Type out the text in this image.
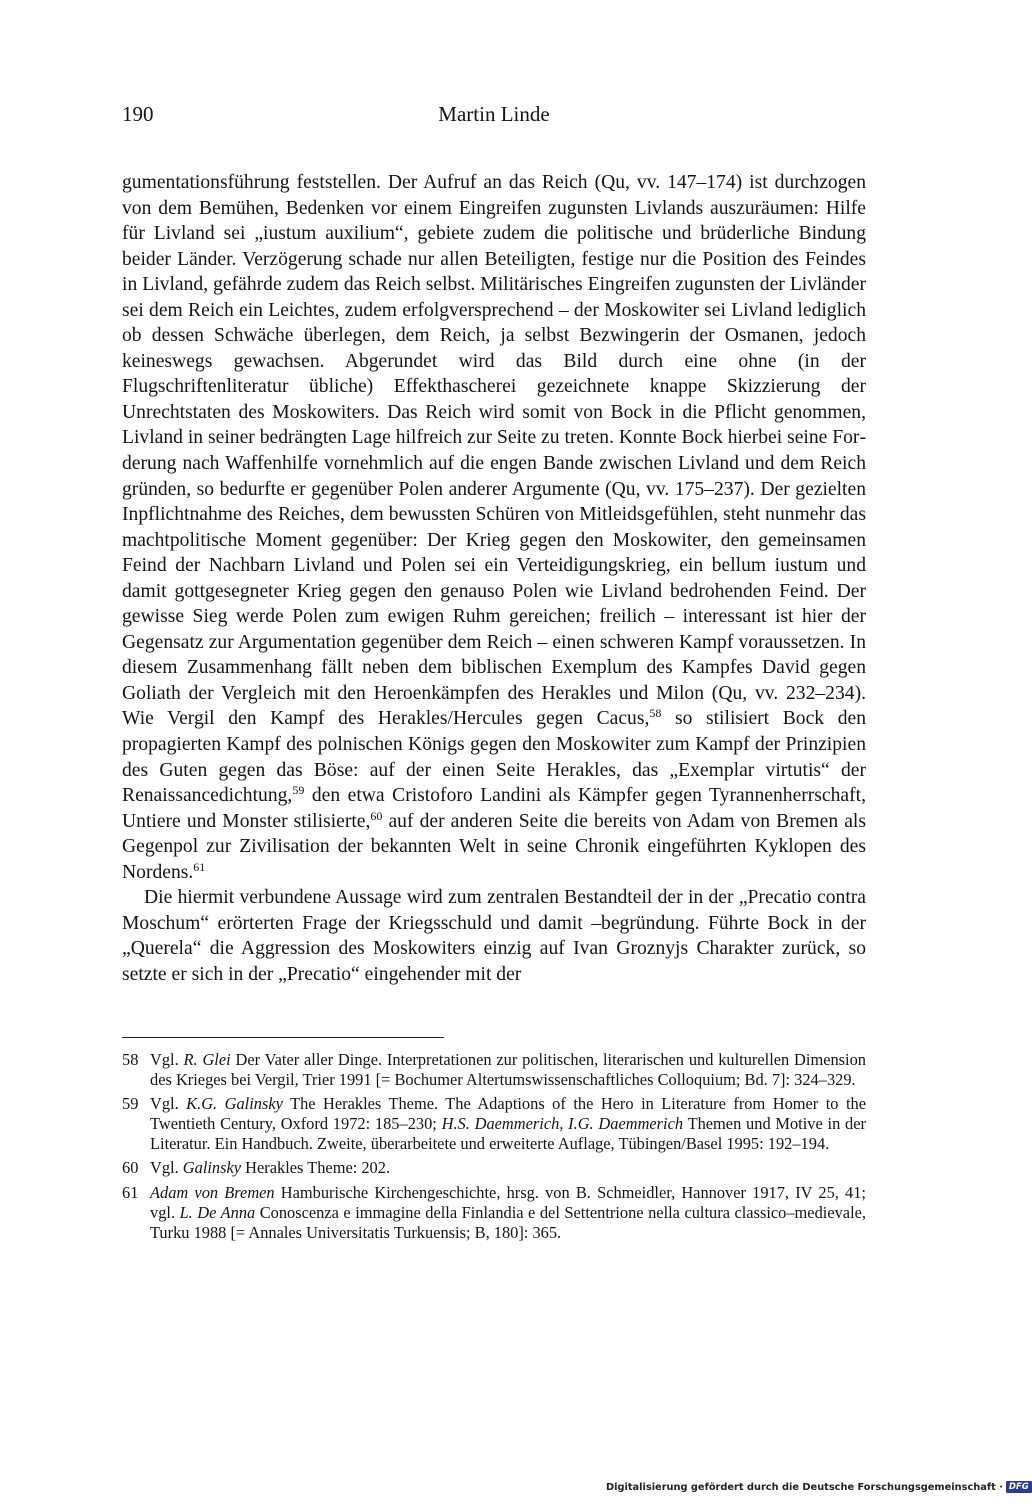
190	Martin Linde

gumentationsführung feststellen. Der Aufruf an das Reich (Qu, vv. 147–174) ist durchzogen von dem Bemühen, Bedenken vor einem Eingreifen zugunsten Livlands auszuräumen: Hilfe für Livland sei „iustum auxilium“, gebiete zudem die politische und brüderliche Bindung beider Länder. Verzögerung schade nur allen Beteiligten, festige nur die Position des Feindes in Livland, gefährde zudem das Reich selbst. Militärisches Eingreifen zugunsten der Livländer sei dem Reich ein Leichtes, zudem erfolgversprechend – der Moskowiter sei Livland lediglich ob dessen Schwäche überlegen, dem Reich, ja selbst Bezwingerin der Osmanen, jedoch keineswegs gewachsen. Abgerundet wird das Bild durch eine ohne (in der Flugschriftenliteratur übliche) Effekthascherei gezeichnete knappe Skizzierung der Unrechtstaten des Moskowiters. Das Reich wird somit von Bock in die Pflicht genommen, Livland in seiner bedrängten Lage hilfreich zur Seite zu treten. Konnte Bock hierbei seine Forderung nach Waffenhilfe vornehmlich auf die engen Bande zwischen Livland und dem Reich gründen, so bedurfte er gegenüber Polen anderer Argumente (Qu, vv. 175–237). Der gezielten Inpflichtnahme des Reiches, dem bewussten Schüren von Mitleidsgefühlen, steht nunmehr das machtpolitische Moment gegenüber: Der Krieg gegen den Moskowiter, den gemeinsamen Feind der Nachbarn Livland und Polen sei ein Verteidigungskrieg, ein bellum iustum und damit gottgesegneter Krieg gegen den genauso Polen wie Livland bedrohenden Feind. Der gewisse Sieg werde Polen zum ewigen Ruhm gereichen; freilich – interessant ist hier der Gegensatz zur Argumentation gegenüber dem Reich – einen schweren Kampf voraussetzen. In diesem Zusammenhang fällt neben dem biblischen Exemplum des Kampfes David gegen Goliath der Vergleich mit den Heroenkämpfen des Herakles und Milon (Qu, vv. 232–234). Wie Vergil den Kampf des Herakles/Hercules gegen Cacus,$^{58}$ so stilisiert Bock den propagierten Kampf des polnischen Königs gegen den Moskowiter zum Kampf der Prinzipien des Guten gegen das Böse: auf der einen Seite Herakles, das „Exemplar virtutis“ der Renaissancedichtung,$^{59}$ den etwa Cristoforo Landini als Kämpfer gegen Tyrannenherrschaft, Untiere und Monster stilisierte,$^{60}$ auf der anderen Seite die bereits von Adam von Bremen als Gegenpol zur Zivilisation der bekannten Welt in seine Chronik eingeführten Kyklopen des Nordens.$^{61}$

Die hiermit verbundene Aussage wird zum zentralen Bestandteil der in der „Precatio contra Moschum“ erörterten Frage der Kriegsschuld und damit –begründung. Führte Bock in der „Querela“ die Aggression des Moskowiters einzig auf Ivan Groznyjs Charakter zurück, so setzte er sich in der „Precatio“ eingehender mit der

58 Vgl. R. Glei Der Vater aller Dinge. Interpretationen zur politischen, literarischen und kulturellen Dimension des Krieges bei Vergil, Trier 1991 [= Bochumer Altertumswissenschaftliches Colloquium; Bd. 7]: 324–329.
59 Vgl. K.G. Galinsky The Herakles Theme. The Adaptions of the Hero in Literature from Homer to the Twentieth Century, Oxford 1972: 185–230; H.S. Daemmerich, I.G. Daemmerich Themen und Motive in der Literatur. Ein Handbuch. Zweite, überarbeitete und erweiterte Auflage, Tübingen/Basel 1995: 192–194.
60 Vgl. Galinsky Herakles Theme: 202.
61 Adam von Bremen Hamburische Kirchengeschichte, hrsg. von B. Schmeidler, Hannover 1917, IV 25, 41; vgl. L. De Anna Conoscenza e immagine della Finlandia e del Settentrione nella cultura classico–medievale, Turku 1988 [= Annales Universitatis Turkuensis; B, 180]: 365.
Digitalisierung gefördert durch die Deutsche Forschungsgemeinschaft · DFG
